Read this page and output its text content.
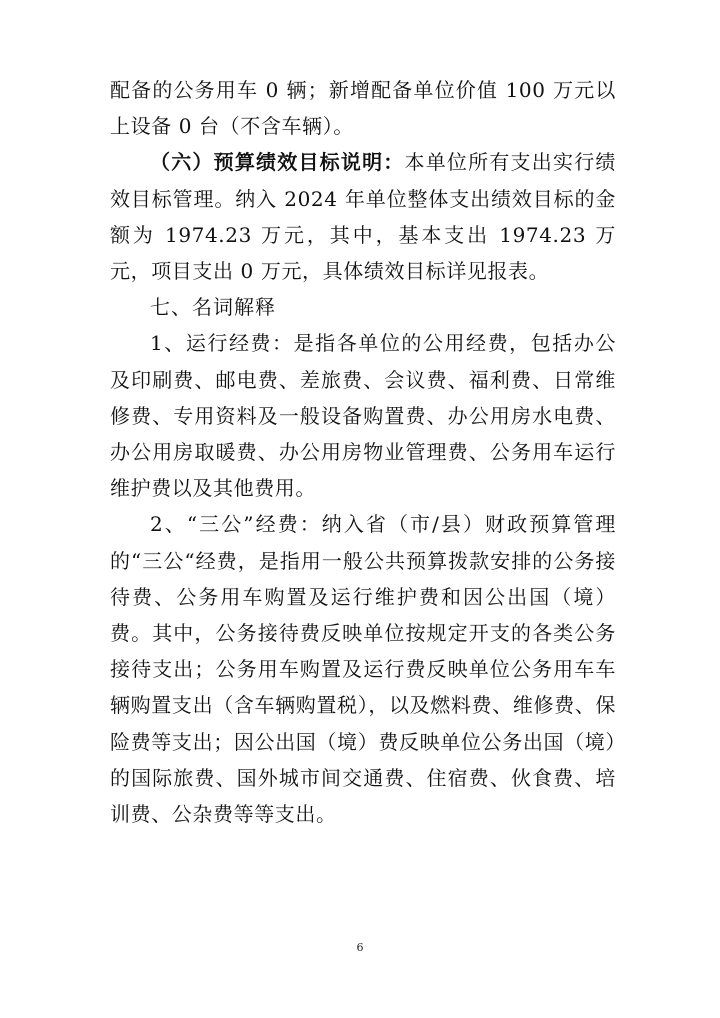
配备的公务用车 0 辆；新增配备单位价值 100 万元以上设备 0 台（不含车辆）。

（六）预算绩效目标说明：本单位所有支出实行绩效目标管理。纳入 2024 年单位整体支出绩效目标的金额为 1974.23 万元，其中，基本支出 1974.23 万元，项目支出 0 万元，具体绩效目标详见报表。

七、名词解释

1、运行经费：是指各单位的公用经费，包括办公及印刷费、邮电费、差旅费、会议费、福利费、日常维修费、专用资料及一般设备购置费、办公用房水电费、办公用房取暖费、办公用房物业管理费、公务用车运行维护费以及其他费用。

2、“三公”经费：纳入省（市/县）财政预算管理的“三公“经费，是指用一般公共预算拨款安排的公务接待费、公务用车购置及运行维护费和因公出国（境）费。其中，公务接待费反映单位按规定开支的各类公务接待支出；公务用车购置及运行费反映单位公务用车车辆购置支出（含车辆购置税），以及燃料费、维修费、保险费等支出；因公出国（境）费反映单位公务出国（境）的国际旅费、国外城市间交通费、住宿费、伙食费、培训费、公杂费等等支出。

6
